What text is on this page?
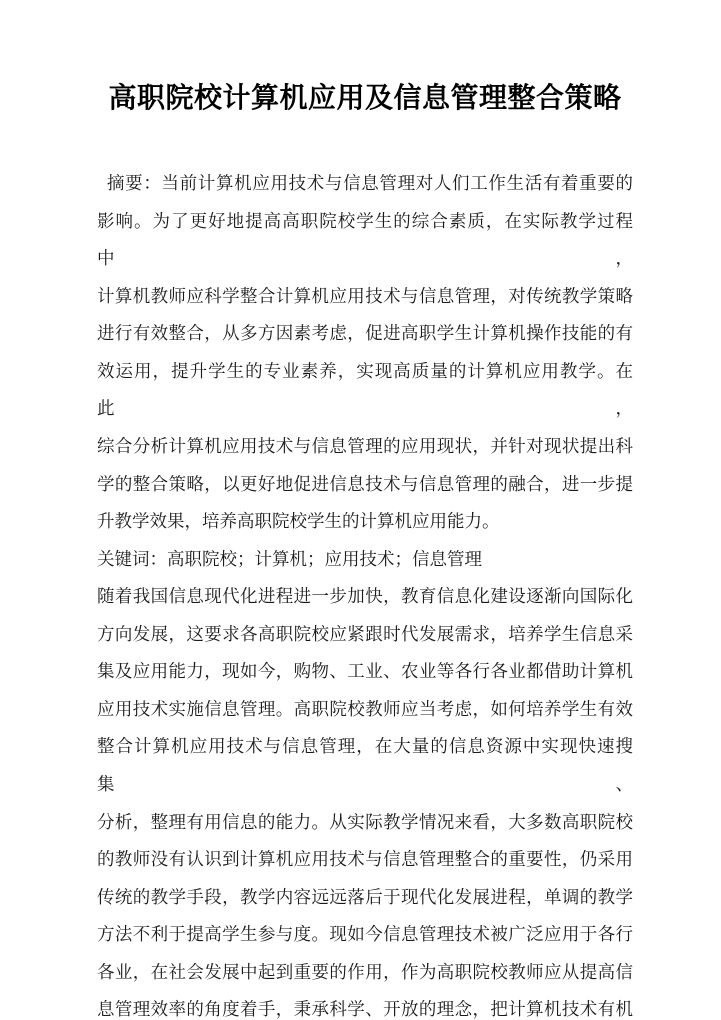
高职院校计算机应用及信息管理整合策略
摘要：当前计算机应用技术与信息管理对人们工作生活有着重要的
影响。为了更好地提高高职院校学生的综合素质，在实际教学过程中，
计算机教师应科学整合计算机应用技术与信息管理，对传统教学策略
进行有效整合，从多方因素考虑，促进高职学生计算机操作技能的有
效运用，提升学生的专业素养，实现高质量的计算机应用教学。在此，
综合分析计算机应用技术与信息管理的应用现状，并针对现状提出科
学的整合策略，以更好地促进信息技术与信息管理的融合，进一步提
升教学效果，培养高职院校学生的计算机应用能力。
关键词：高职院校；计算机；应用技术；信息管理
随着我国信息现代化进程进一步加快，教育信息化建设逐渐向国际化
方向发展，这要求各高职院校应紧跟时代发展需求，培养学生信息采
集及应用能力，现如今，购物、工业、农业等各行各业都借助计算机
应用技术实施信息管理。高职院校教师应当考虑，如何培养学生有效
整合计算机应用技术与信息管理，在大量的信息资源中实现快速搜集、
分析，整理有用信息的能力。从实际教学情况来看，大多数高职院校
的教师没有认识到计算机应用技术与信息管理整合的重要性，仍采用
传统的教学手段，教学内容远远落后于现代化发展进程，单调的教学
方法不利于提高学生参与度。现如今信息管理技术被广泛应用于各行
各业，在社会发展中起到重要的作用，作为高职院校教师应从提高信
息管理效率的角度着手，秉承科学、开放的理念，把计算机技术有机
